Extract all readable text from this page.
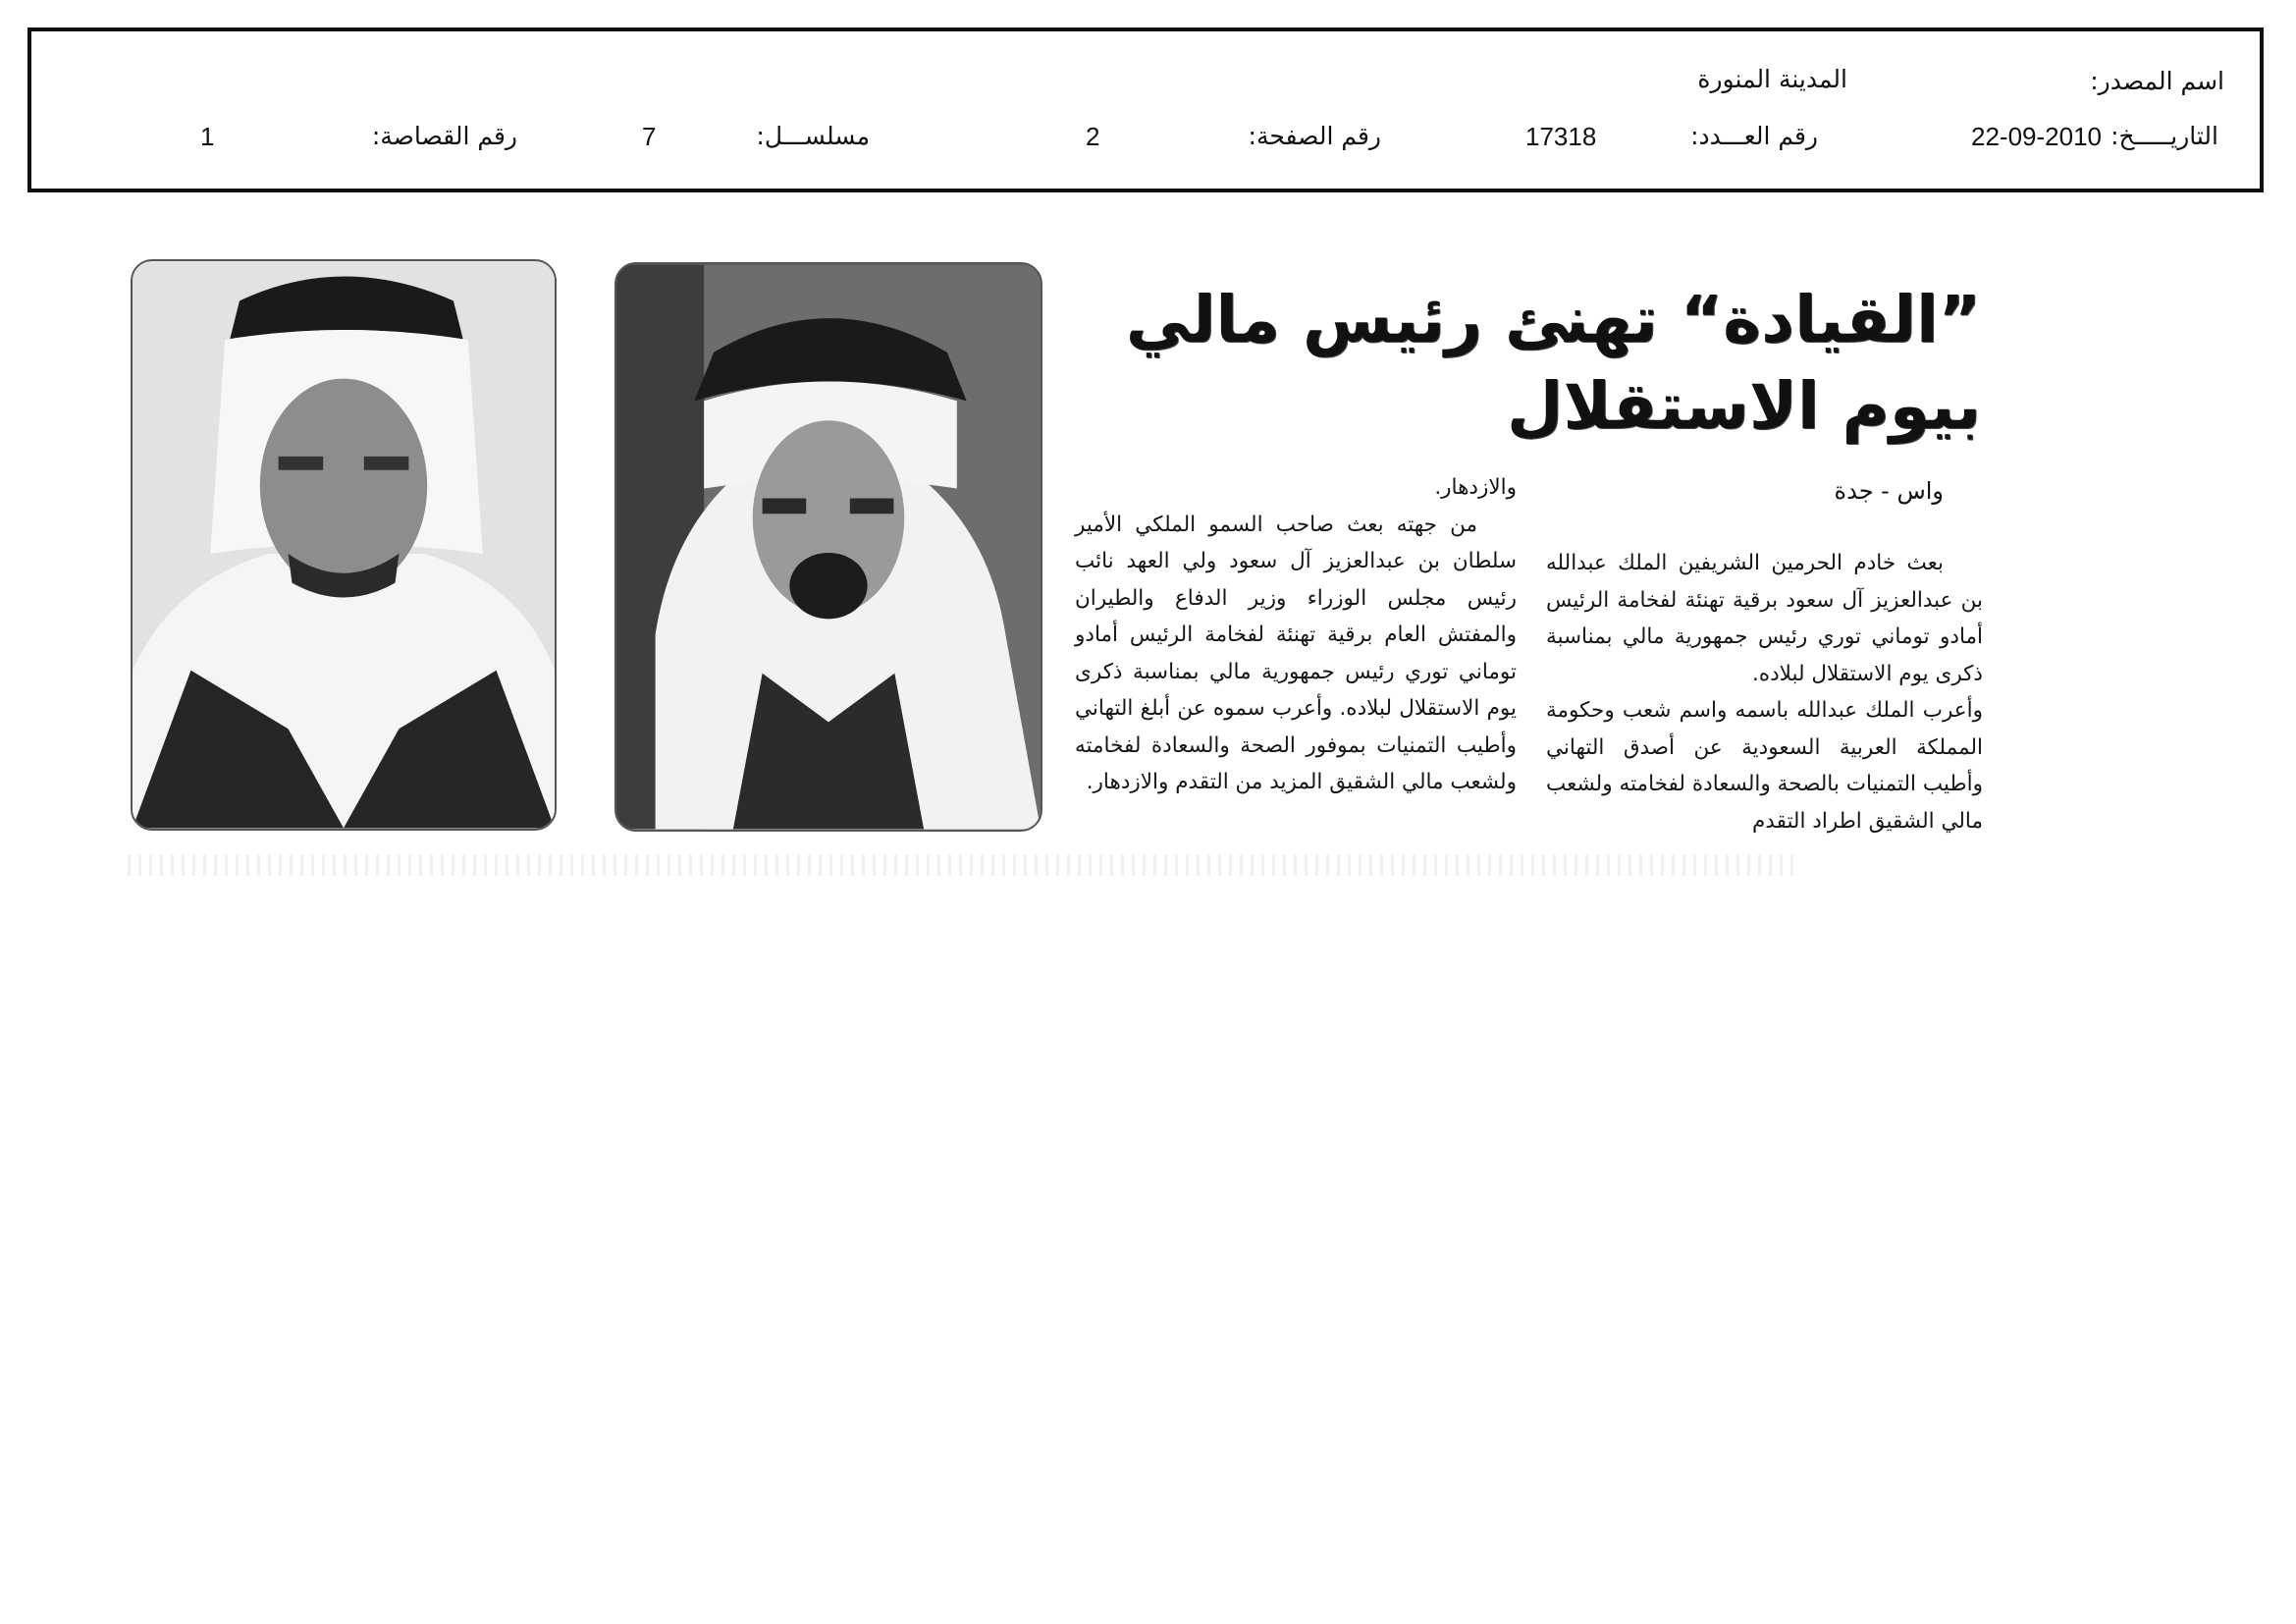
اسم المصدر:
المدينة المنورة
التاريـــــخ:
22-09-2010
رقم العـــدد:
17318
رقم الصفحة:
2
مسلســـل:
7
رقم القصاصة:
1
”القيادة“ تهنئ رئيس مالي بيوم الاستقلال
واس - جدة

بعث خادم الحرمين الشريفين الملك عبدالله بن عبدالعزيز آل سعود برقية تهنئة لفخامة الرئيس أمادو توماني توري رئيس جمهورية مالي بمناسبة ذكرى يوم الاستقلال لبلاده.

وأعرب الملك عبدالله باسمه واسم شعب وحكومة المملكة العربية السعودية عن أصدق التهاني وأطيب التمنيات بالصحة والسعادة لفخامته ولشعب مالي الشقيق اطراد التقدم

والازدهار.

من جهته بعث صاحب السمو الملكي الأمير سلطان بن عبدالعزيز آل سعود ولي العهد نائب رئيس مجلس الوزراء وزير الدفاع والطيران والمفتش العام برقية تهنئة لفخامة الرئيس أمادو توماني توري رئيس جمهورية مالي بمناسبة ذكرى يوم الاستقلال لبلاده. وأعرب سموه عن أبلغ التهاني وأطيب التمنيات بموفور الصحة والسعادة لفخامته ولشعب مالي الشقيق المزيد من التقدم والازدهار.
